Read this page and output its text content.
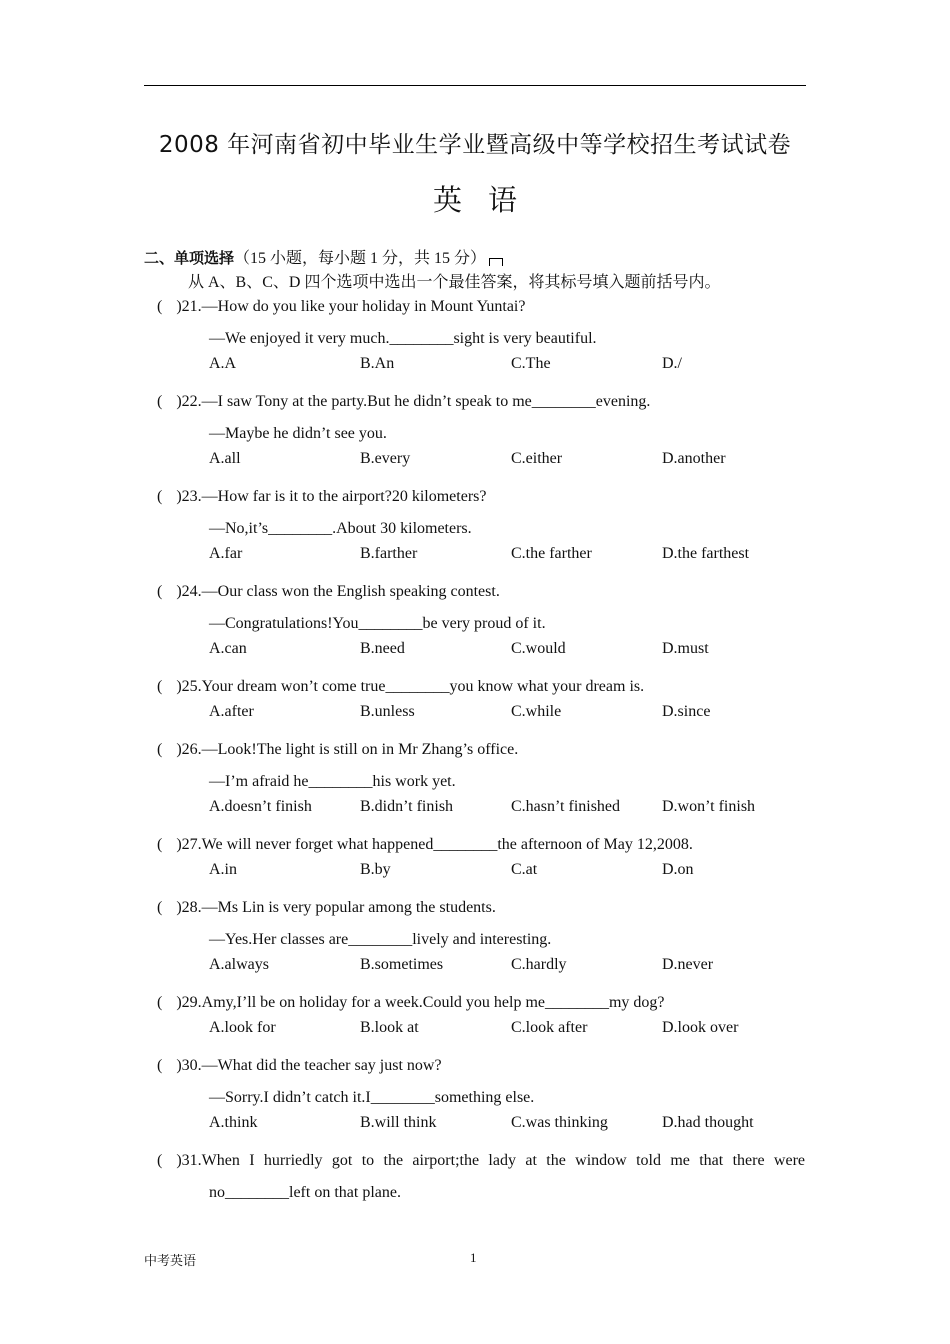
2008 年河南省初中毕业生学业暨高级中等学校招生考试试卷
英语
二、单项选择（15 小题，每小题 1 分，共 15 分）
从 A、B、C、D 四个选项中选出一个最佳答案，将其标号填入题前括号内。
( )21.—How do you like your holiday in Mount Yuntai?
—We enjoyed it very much.________sight is very beautiful.
A.A	B.An	C.The	D./
( )22.—I saw Tony at the party.But he didn’t speak to me________evening.
—Maybe he didn’t see you.
A.all	B.every	C.either	D.another
( )23.—How far is it to the airport?20 kilometers?
—No,it’s________.About 30 kilometers.
A.far	B.farther	C.the farther	D.the farthest
( )24.—Our class won the English speaking contest.
—Congratulations!You________be very proud of it.
A.can	B.need	C.would	D.must
( )25.Your dream won’t come true________you know what your dream is.
A.after	B.unless	C.while	D.since
( )26.—Look!The light is still on in Mr Zhang’s office.
—I’m afraid he________his work yet.
A.doesn’t finish	B.didn’t finish	C.hasn’t finished	D.won’t finish
( )27.We will never forget what happened________the afternoon of May 12,2008.
A.in	B.by	C.at	D.on
( )28.—Ms Lin is very popular among the students.
—Yes.Her classes are________lively and interesting.
A.always	B.sometimes	C.hardly	D.never
( )29.Amy,I’ll be on holiday for a week.Could you help me________my dog?
A.look for	B.look at	C.look after	D.look over
( )30.—What did the teacher say just now?
—Sorry.I didn’t catch it.I________something else.
A.think	B.will think	C.was thinking	D.had thought
( )31.When I hurriedly got to the airport;the lady at the window told me that there were
no________left on that plane.
中考英语	1
